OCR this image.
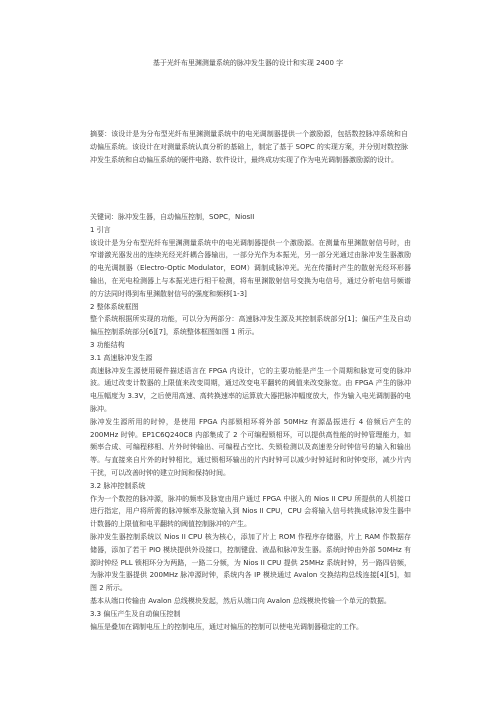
基于光纤布里渊测量系统的脉冲发生器的设计和实现 2400 字

摘要：该设计是为分布型光纤布里渊测量系统中的电光调制器提供一个激励源，包括数控脉冲系统和自动偏压系统。该设计在对测量系统认真分析的基础上，制定了基于 SOPC 的实现方案，并分别对数控脉冲发生系统和自动偏压系统的硬件电路、软件设计，最终成功实现了作为电光调制器激励源的设计。

关键词：脉冲发生器，自动偏压控制，SOPC，NiosII

1 引言

该设计是为分布型光纤布里渊测量系统中的电光调制器提供一个激励源。在测量布里渊散射信号时，由窄谱激光器发出的连续光经光纤耦合器输出，一部分光作为本振光，另一部分光通过由脉冲发生器激励的电光调制器（Electro-Optic Modulator，EOM）调制成脉冲光。光在传播时产生的散射光经环形器输出，在光电检测器上与本振光进行相干检测，将布里渊散射信号变换为电信号，通过分析电信号频谱的方法同时得到布里渊散射信号的强度和频移[1-3]

2 整体系统框图

整个系统根据所实现的功能，可以分为两部分：高速脉冲发生源及其控制系统部分[1]；偏压产生及自动偏压控制系统部分[6][7]，系统整体框图如图 1 所示。

3 功能结构

3.1 高速脉冲发生源

高速脉冲发生源使用硬件描述语言在 FPGA 内设计，它的主要功能是产生一个周期和脉宽可变的脉冲波。通过改变计数器的上限值来改变周期，通过改变电平翻转的阈值来改变脉宽。由 FPGA 产生的脉冲电压幅度为 3.3V，之后使用高速、高转换速率的运算放大器把脉冲幅度放大，作为输入电光调制器的电脉冲。

脉冲发生源所用的时钟，是使用 FPGA 内部锁相环将外部 50MHz 有源晶振进行 4 倍频后产生的 200MHz 时钟。EP1C6Q240C8 内部集成了 2 个可编程锁相环，可以提供高性能的时钟管理能力，如频率合成、可编程移相、片外时钟输出、可编程占空比、失锁检测以及高速差分时钟信号的输入和输出等。与直接来自片外的时钟相比，通过锁相环输出的片内时钟可以减少时钟延时和时钟变形，减少片内干扰，可以改善时钟的建立时间和保持时间。

3.2 脉冲控制系统

作为一个数控的脉冲源，脉冲的频率及脉宽由用户通过 FPGA 中嵌入的 Nios II CPU 所提供的人机接口进行指定，用户将所需的脉冲频率及脉宽输入到 Nios II CPU，CPU 会将输入信号转换成脉冲发生器中计数器的上限值和电平翻转的阈值控制脉冲的产生。

脉冲发生器控制系统以 Nios II CPU 核为核心，添加了片上 ROM 作程序存储器，片上 RAM 作数据存储器，添加了若干 PIO 模块提供外设接口，控制键盘、液晶和脉冲发生器。系统时钟由外部 50MHz 有源时钟经 PLL 锁相环分为两路，一路二分频，为 Nios II CPU 提供 25MHz 系统时钟，另一路四倍频，为脉冲发生器提供 200MHz 脉冲源时钟，系统内各 IP 模块通过 Avalon 交换结构总线连接[4][5]，如图 2 所示。

基本从端口传输由 Avalon 总线模块发起，然后从端口向 Avalon 总线模块传输一个单元的数据。

3.3 偏压产生及自动偏压控制

偏压是叠加在调制电压上的控制电压，通过对偏压的控制可以使电光调制器稳定的工作。
